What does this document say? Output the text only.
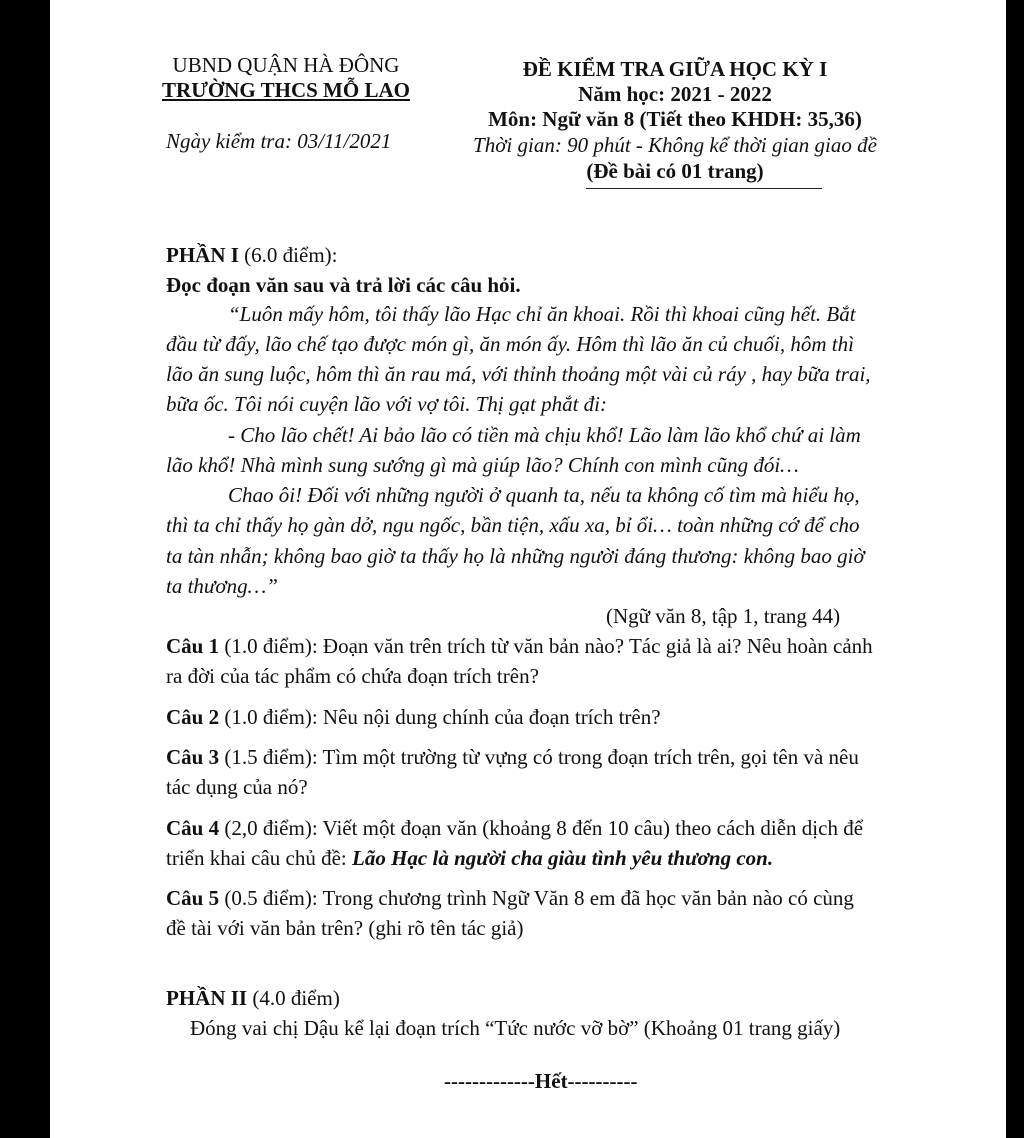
UBND QUẬN HÀ ĐÔNG
TRƯỜNG THCS MỖ LAO
Ngày kiểm tra: 03/11/2021
ĐỀ KIỂM TRA GIỮA HỌC KỲ I
Năm học: 2021 - 2022
Môn: Ngữ văn 8 (Tiết theo KHDH: 35,36)
Thời gian: 90 phút - Không kể thời gian giao đề
(Đề bài có 01 trang)
PHẦN I (6.0 điểm):
Đọc đoạn văn sau và trả lời các câu hỏi.
“Luôn mấy hôm, tôi thấy lão Hạc chỉ ăn khoai. Rồi thì khoai cũng hết. Bắt
đầu từ đấy, lão chế tạo được món gì, ăn món ấy. Hôm thì lão ăn củ chuối, hôm thì
lão ăn sung luộc, hôm thì ăn rau má, với thỉnh thoảng một vài củ ráy , hay bữa trai,
bữa ốc. Tôi nói cuyện lão với vợ tôi. Thị gạt phắt đi:
- Cho lão chết! Ai bảo lão có tiền mà chịu khổ! Lão làm lão khổ chứ ai làm
lão khổ! Nhà mình sung sướng gì mà giúp lão? Chính con mình cũng đói…
Chao ôi! Đối với những người ở quanh ta, nếu ta không cố tìm mà hiểu họ,
thì ta chỉ thấy họ gàn dở, ngu ngốc, bần tiện, xấu xa, bỉ ổi… toàn những cớ để cho
ta tàn nhẫn; không bao giờ ta thấy họ là những người đáng thương: không bao giờ
ta thương…”
(Ngữ văn 8, tập 1, trang 44)
Câu 1 (1.0 điểm): Đoạn văn trên trích từ văn bản nào? Tác giả là ai? Nêu hoàn cảnh
ra đời của tác phẩm có chứa đoạn trích trên?
Câu 2 (1.0 điểm): Nêu nội dung chính của đoạn trích trên?
Câu 3 (1.5 điểm): Tìm một trường từ vựng có trong đoạn trích trên, gọi tên và nêu
tác dụng của nó?
Câu 4 (2,0 điểm): Viết một đoạn văn (khoảng 8 đến 10 câu) theo cách diễn dịch để
triển khai câu chủ đề: Lão Hạc là người cha giàu tình yêu thương con.
Câu 5 (0.5 điểm): Trong chương trình Ngữ Văn 8 em đã học văn bản nào có cùng
đề tài với văn bản trên? (ghi rõ tên tác giả)
PHẦN II (4.0 điểm)
Đóng vai chị Dậu kể lại đoạn trích “Tức nước vỡ bờ” (Khoảng 01 trang giấy)
-------------Hết----------
